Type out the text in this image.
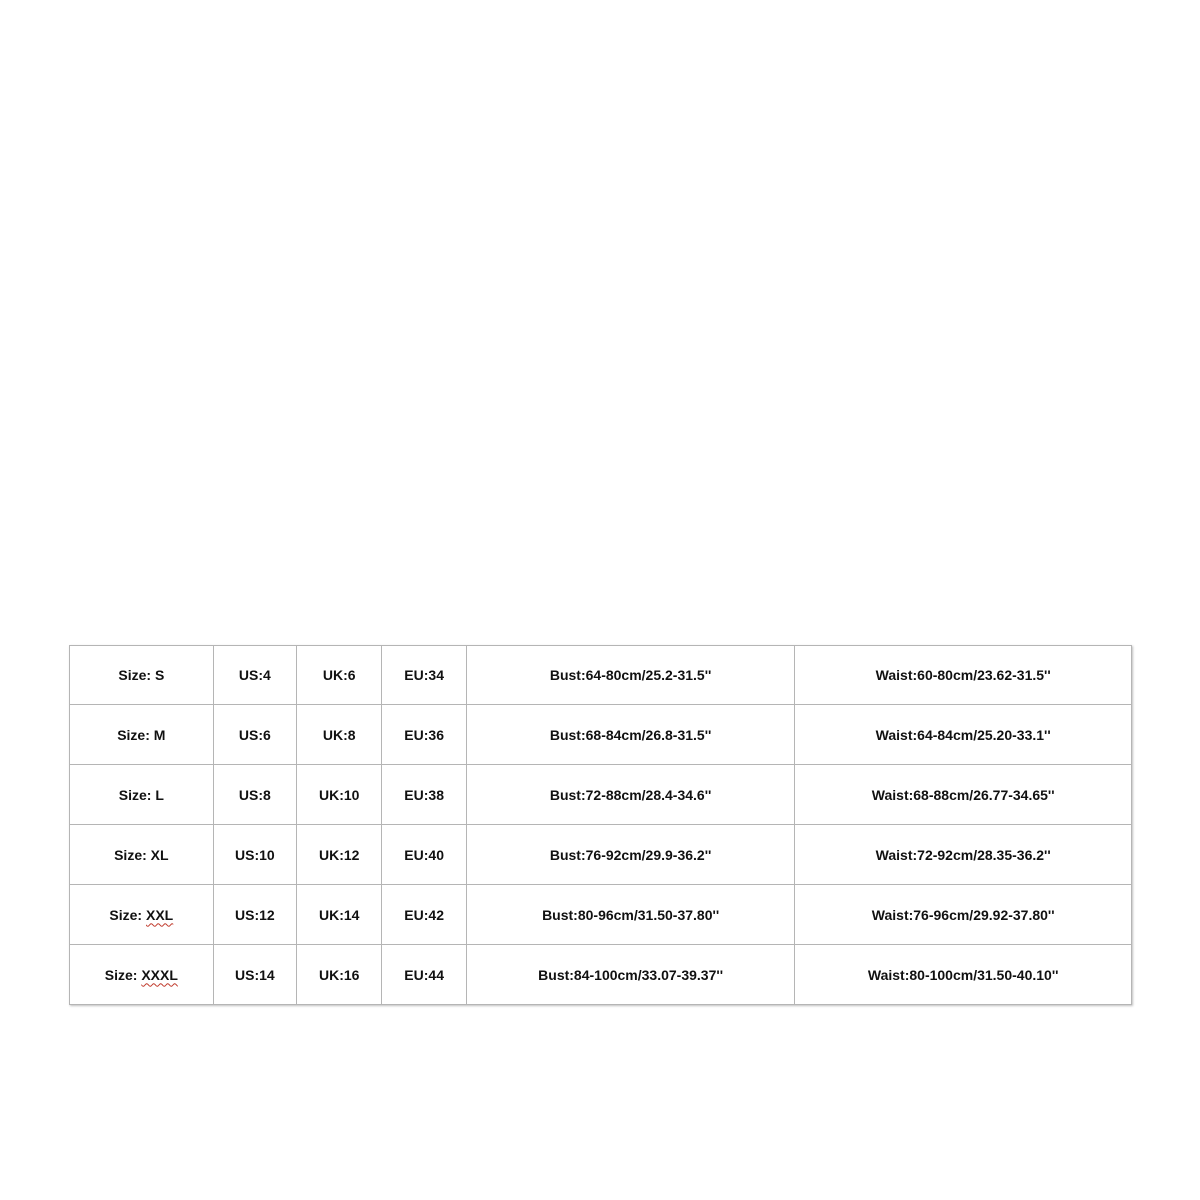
Size: S	US:4	UK:6	EU:34	Bust:64-80cm/25.2-31.5''	Waist:60-80cm/23.62-31.5''
Size: M	US:6	UK:8	EU:36	Bust:68-84cm/26.8-31.5''	Waist:64-84cm/25.20-33.1''
Size: L	US:8	UK:10	EU:38	Bust:72-88cm/28.4-34.6''	Waist:68-88cm/26.77-34.65''
Size: XL	US:10	UK:12	EU:40	Bust:76-92cm/29.9-36.2''	Waist:72-92cm/28.35-36.2''
Size: XXL	US:12	UK:14	EU:42	Bust:80-96cm/31.50-37.80''	Waist:76-96cm/29.92-37.80''
Size: XXXL	US:14	UK:16	EU:44	Bust:84-100cm/33.07-39.37''	Waist:80-100cm/31.50-40.10''
